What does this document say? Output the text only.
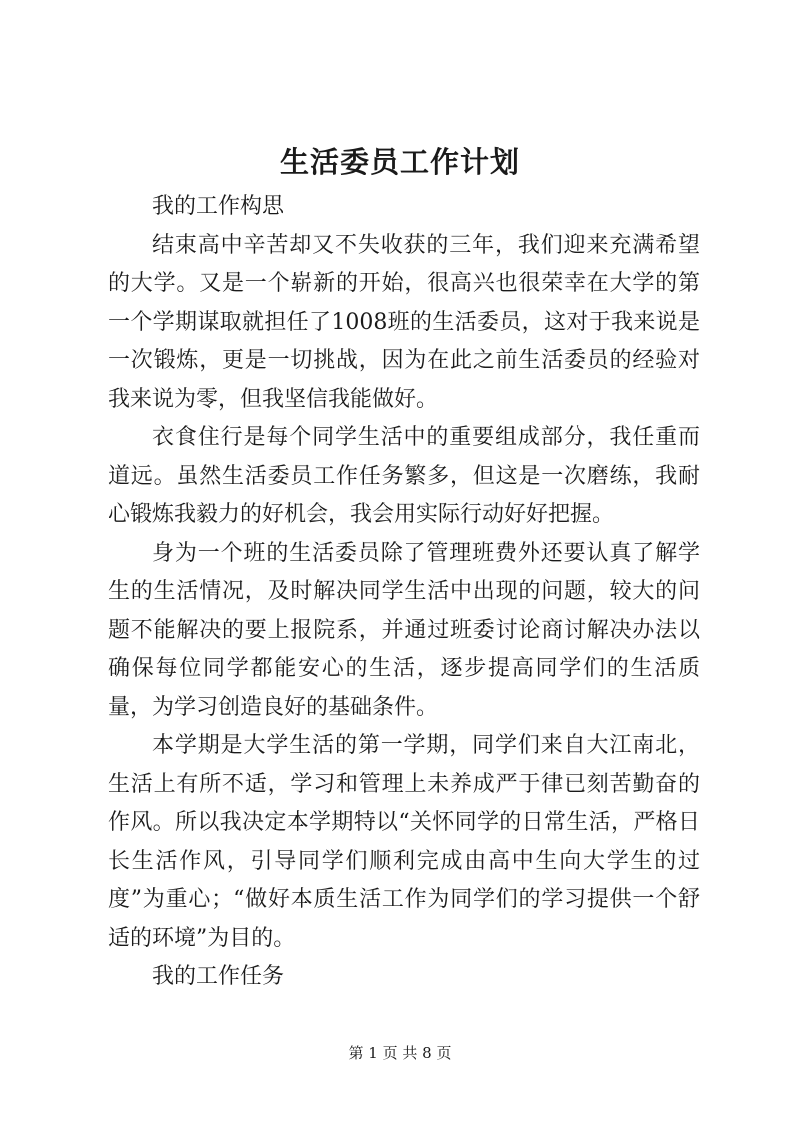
生活委员工作计划

我的工作构思

结束高中辛苦却又不失收获的三年，我们迎来充满希望的大学。又是一个崭新的开始，很高兴也很荣幸在大学的第一个学期谋取就担任了1008班的生活委员，这对于我来说是一次锻炼，更是一切挑战，因为在此之前生活委员的经验对我来说为零，但我坚信我能做好。

衣食住行是每个同学生活中的重要组成部分，我任重而道远。虽然生活委员工作任务繁多，但这是一次磨练，我耐心锻炼我毅力的好机会，我会用实际行动好好把握。

身为一个班的生活委员除了管理班费外还要认真了解学生的生活情况，及时解决同学生活中出现的问题，较大的问题不能解决的要上报院系，并通过班委讨论商讨解决办法以确保每位同学都能安心的生活，逐步提高同学们的生活质量，为学习创造良好的基础条件。

本学期是大学生活的第一学期，同学们来自大江南北，生活上有所不适，学习和管理上未养成严于律已刻苦勤奋的作风。所以我决定本学期特以“关怀同学的日常生活，严格日长生活作风，引导同学们顺利完成由高中生向大学生的过度”为重心；“做好本质生活工作为同学们的学习提供一个舒适的环境”为目的。

我的工作任务

第 1 页 共 8 页
